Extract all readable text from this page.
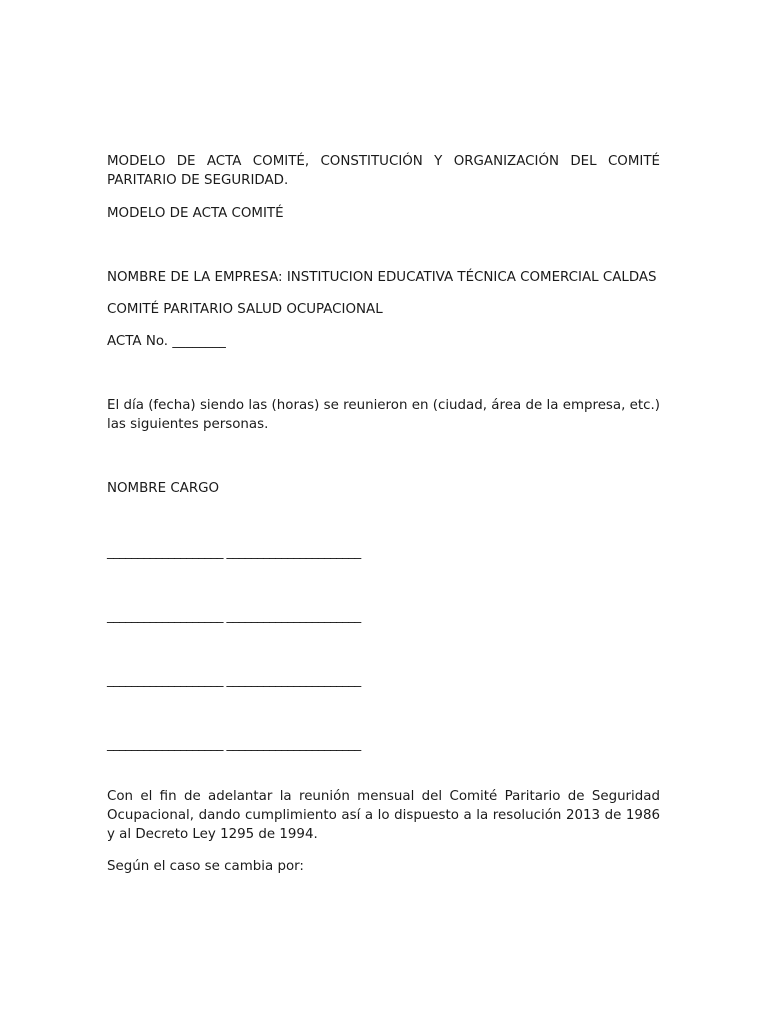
MODELO DE ACTA COMITÉ, CONSTITUCIÓN Y ORGANIZACIÓN DEL COMITÉ PARITARIO DE SEGURIDAD.

MODELO DE ACTA COMITÉ

NOMBRE DE LA EMPRESA: INSTITUCION EDUCATIVA TÉCNICA COMERCIAL CALDAS

COMITÉ PARITARIO SALUD OCUPACIONAL

ACTA No. ________

El día (fecha) siendo las (horas) se reunieron en (ciudad, área de la empresa, etc.) las siguientes personas.

NOMBRE CARGO

___________________ ______________________

___________________ ______________________

___________________ ______________________

___________________ ______________________

Con el fin de adelantar la reunión mensual del Comité Paritario de Seguridad Ocupacional, dando cumplimiento así a lo dispuesto a la resolución 2013 de 1986 y al Decreto Ley 1295 de 1994.

Según el caso se cambia por:
